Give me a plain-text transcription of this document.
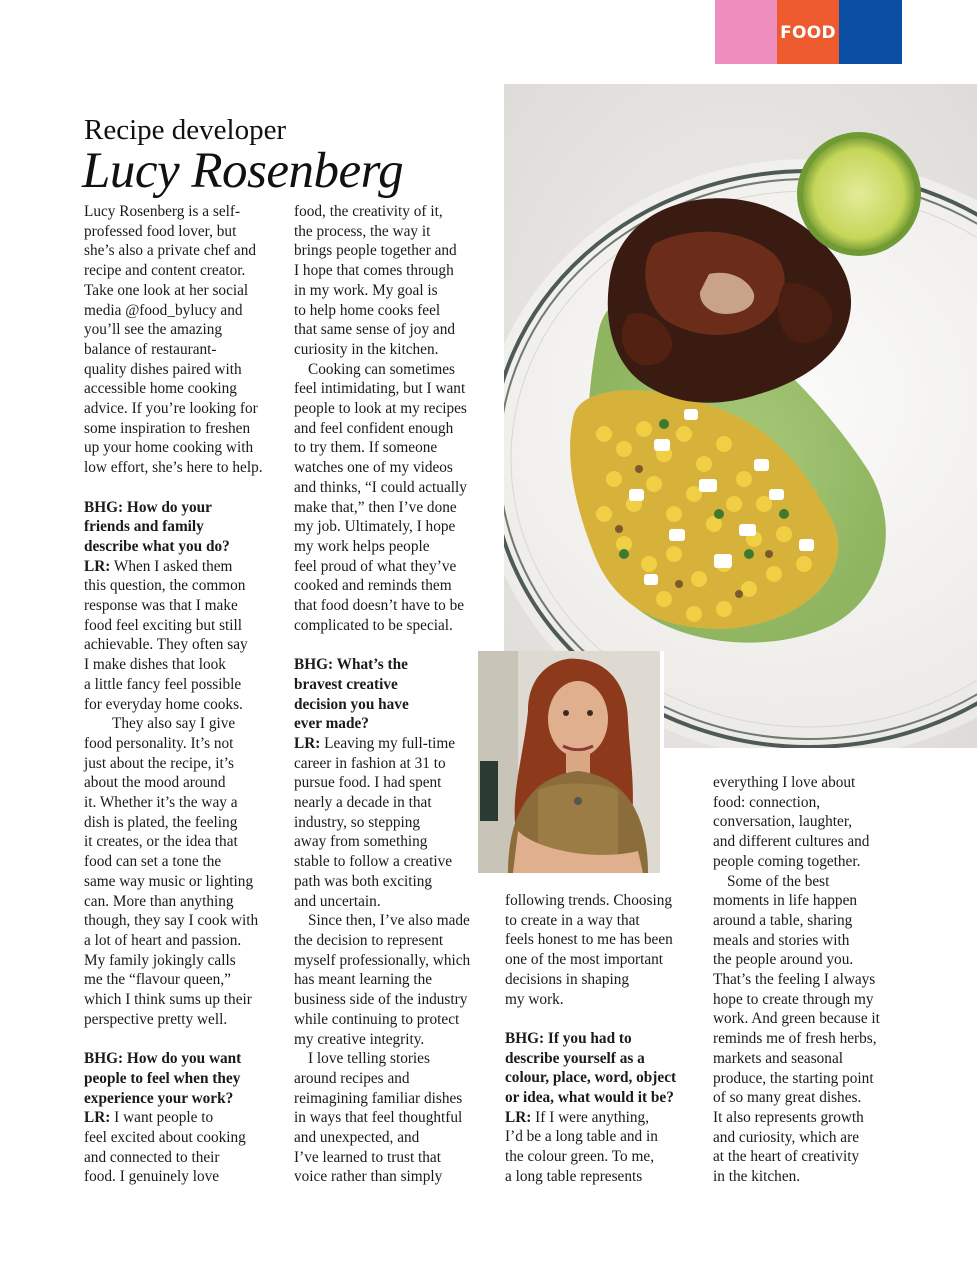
FOOD
Recipe developer
Lucy Rosenberg
Lucy Rosenberg is a self-
professed food lover, but
she’s also a private chef and
recipe and content creator.
Take one look at her social
media @food_bylucy and
you’ll see the amazing
balance of restaurant-
quality dishes paired with
accessible home cooking
advice. If you’re looking for
some inspiration to freshen
up your home cooking with
low effort, she’s here to help.
BHG: How do your
friends and family
describe what you do?
LR: When I asked them
this question, the common
response was that I make
food feel exciting but still
achievable. They often say
I make dishes that look
a little fancy feel possible
for everyday home cooks.
They also say I give
food personality. It’s not
just about the recipe, it’s
about the mood around
it. Whether it’s the way a
dish is plated, the feeling
it creates, or the idea that
food can set a tone the
same way music or lighting
can. More than anything
though, they say I cook with
a lot of heart and passion.
My family jokingly calls
me the “flavour queen,”
which I think sums up their
perspective pretty well.
BHG: How do you want
people to feel when they
experience your work?
LR: I want people to
feel excited about cooking
and connected to their
food. I genuinely love
food, the creativity of it,
the process, the way it
brings people together and
I hope that comes through
in my work. My goal is
to help home cooks feel
that same sense of joy and
curiosity in the kitchen.
Cooking can sometimes
feel intimidating, but I want
people to look at my recipes
and feel confident enough
to try them. If someone
watches one of my videos
and thinks, “I could actually
make that,” then I’ve done
my job. Ultimately, I hope
my work helps people
feel proud of what they’ve
cooked and reminds them
that food doesn’t have to be
complicated to be special.
BHG: What’s the
bravest creative
decision you have
ever made?
LR: Leaving my full-time
career in fashion at 31 to
pursue food. I had spent
nearly a decade in that
industry, so stepping
away from something
stable to follow a creative
path was both exciting
and uncertain.
Since then, I’ve also made
the decision to represent
myself professionally, which
has meant learning the
business side of the industry
while continuing to protect
my creative integrity.
I love telling stories
around recipes and
reimagining familiar dishes
in ways that feel thoughtful
and unexpected, and
I’ve learned to trust that
voice rather than simply
following trends. Choosing
to create in a way that
feels honest to me has been
one of the most important
decisions in shaping
my work.
BHG: If you had to
describe yourself as a
colour, place, word, object
or idea, what would it be?
LR: If I were anything,
I’d be a long table and in
the colour green. To me,
a long table represents
everything I love about
food: connection,
conversation, laughter,
and different cultures and
people coming together.
Some of the best
moments in life happen
around a table, sharing
meals and stories with
the people around you.
That’s the feeling I always
hope to create through my
work. And green because it
reminds me of fresh herbs,
markets and seasonal
produce, the starting point
of so many great dishes.
It also represents growth
and curiosity, which are
at the heart of creativity
in the kitchen.
